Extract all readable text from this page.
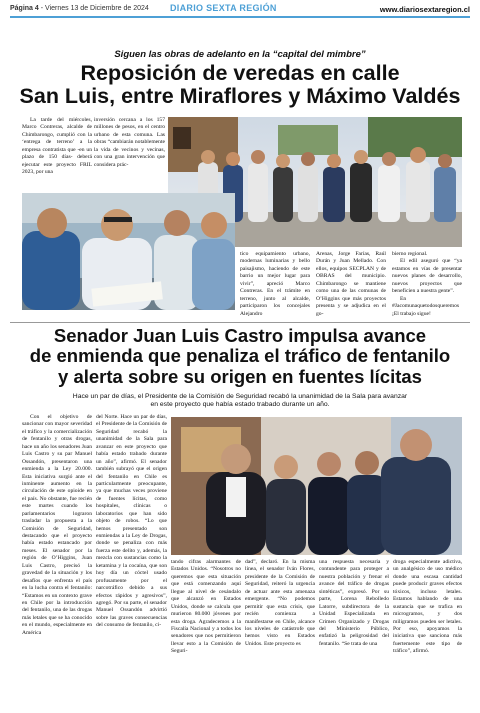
Página 4 - Viernes 13 de Diciembre de 2024 DIARIO SEXTA REGIÓN	www.diariosextaregion.cl
Siguen las obras de adelanto en la “capital del mimbre”
Reposición de veredas en calle
San Luis, entre Miraflores y Máximo Valdés

La tarde del miércoles, Marco Contreras, alcalde de Chimbarongo, cumplió con la ‘entrega de terreno’ a la empresa contratista que -en un plazo de 150 días- deberá ejecutar este proyecto FRIL 2023, por una

inversión cercana a los 157 millones de pesos, en el centro urbano de esta comuna. Las obras “cambiarán notablemente la vida de vecinos y vecinas, con una gran intervención que considera prác-

tico equipamiento urbano, modernas luminarias y bello paisajismo, haciendo de este barrio un mejor lugar para vivir”, apreció Marco Contreras. En el trámite en terreno, junto al alcalde, participaron los concejales Alejandro

Arenas, Jorge Farías, Raúl Durán y Juan Mellado. Con ellos, equipos SECPLAN y de OBRAS del municipio. Chimbarongo se mantiene como una de las comunas de O’Higgins que más proyectos presenta y se adjudica en el go-

bierno regional.

El edil aseguró que “ya estamos en vías de presentar nuevos planes de desarrollo, nuevos proyectos que beneficien a nuestra gente”.

En #Jacomunaquetodosqueremos ¡El trabajo sigue!

Senador Juan Luis Castro impulsa avance
de enmienda que penaliza el tráfico de fentanilo
y alerta sobre su origen en fuentes lícitas
Hace un par de días, el Presidente de la Comisión de Seguridad recabó la unanimidad de la Sala para avanzar
en este proyecto que había estado trabado durante un año.

Con el objetivo de sancionar con mayor severidad el tráfico y la comercialización de fentanilo y otras drogas, hace un año los senadores Juan Luis Castro y su par Manuel Ossandón, presentaron una enmienda a la Ley 20.000. Esta iniciativa surgió ante el inminente aumento en la circulación de este opioide en el país. No obstante, fue recién este martes cuando los parlamentarios lograron trasladar la propuesta a la Comisión de Seguridad, destacando que el proyecto había estado estancado por meses. El senador por la región de O’Higgins, Juan Luis Castro, precisó la gravedad de la situación y los desafíos que enfrenta el país en la lucha contra el fentanilo: “Estamos en un contexto grave en Chile por la introducción del fentanilo, una de las drogas más letales que se ha conocido en el mundo, especialmente en América

del Norte. Hace un par de días, el Presidente de la Comisión de Seguridad recabó la unanimidad de la Sala para avanzar en este proyecto que había estado trabado durante un año”, afirmó. El senador también subrayó que el origen del fentanilo en Chile es particularmente preocupante, ya que muchas veces proviene de fuentes lícitas, como hospitales, clínicas o laboratorios que han sido objeto de robos. “Lo que hemos presentado son enmiendas a la Ley de Drogas, donde se penaliza con más fuerza este delito y, además, la mezcla con sustancias como la ketamina y la cocaína, que son hoy día un cóctel usado profusamente por el narcotráfico debido a sus efectos rápidos y agresivos”, agregó. Por su parte, el senador Manuel Ossandón advirtió sobre las graves consecuencias del consumo de fentanilo, ci-

tando cifras alarmantes de Estados Unidos. “Nosotros no queremos que esta situación que está comenzando aquí llegue al nivel de cesándalo que alcanzó en Estados Unidos, donde se calcula que murieron 80.000 jóvenes por esta droga. Agradecemos a la Fiscalía Nacional y a todos los senadores que nos permitieron llevar esto a la Comisión de Seguri-

dad”, declaró. En la misma línea, el senador Iván Flores, presidente de la Comisión de Seguridad, reiteró la urgencia de actuar ante esta amenaza emergente. “No podemos permitir que esta crisis, que recién comienza a manifestarse en Chile, alcance los niveles de catástrofe que hemos visto en Estados Unidos. Este proyecto es

una respuesta necesaria y contundente para proteger a nuestra población y frenar el avance del tráfico de drogas sintéticas”, expresó. Por su parte, Lorena Rebolledo Latorre, subdirectora de la Unidad Especializada en Crimen Organizado y Drogas del Ministerio Público, enfatizó la peligrosidad del fentanilo. “Se trata de una

droga especialmente adictiva, un analgésico de uso médico donde una escasa cantidad puede producir graves efectos tóxicos, incluso letales. Estamos hablando de una sustancia que se trafica en microgramos, y dos miligramos pueden ser letales. Por eso, apoyamos la iniciativa que sanciona más fuertemente este tipo de tráfico”, afirmó.
